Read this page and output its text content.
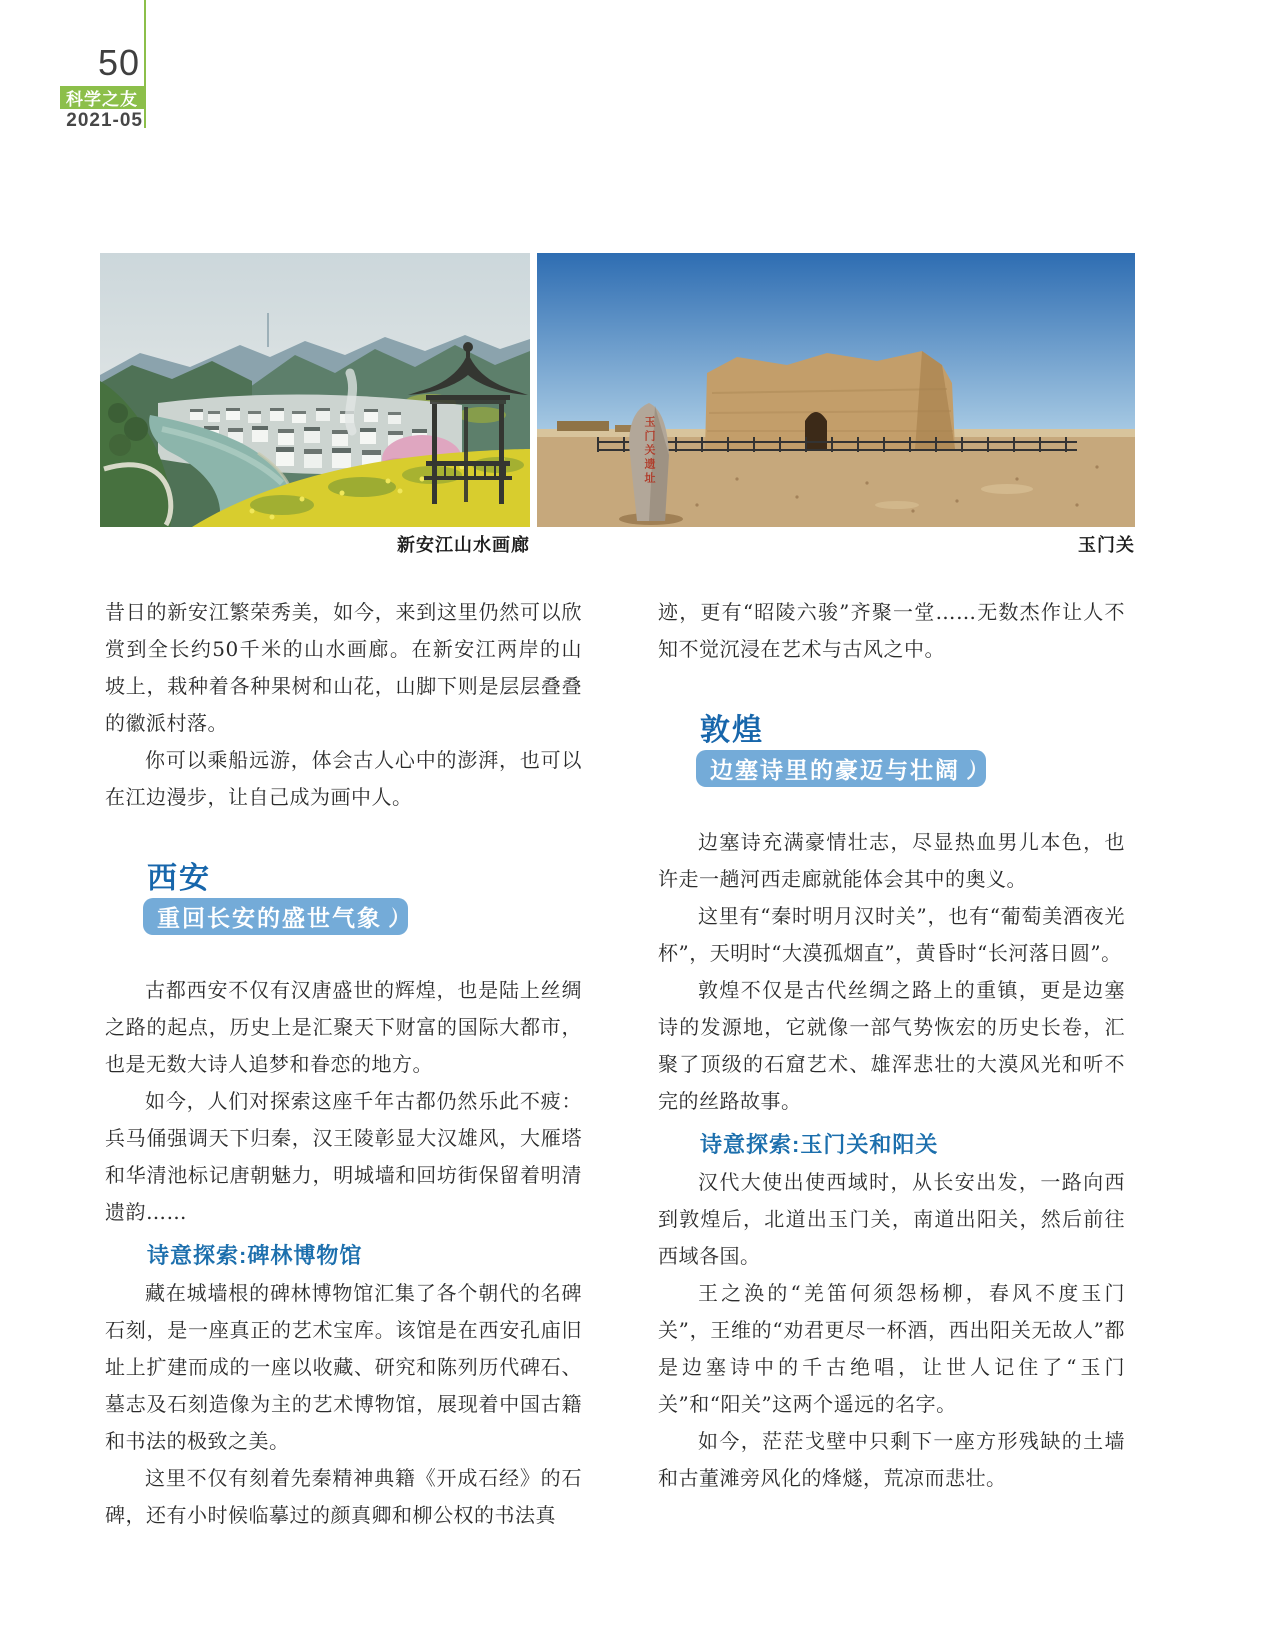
50
科学之友
2021-05
玉门关遗址
新安江山水画廊	玉门关

昔日的新安江繁荣秀美，如今，来到这里仍然可以欣赏到全长约50千米的山水画廊。在新安江两岸的山坡上，栽种着各种果树和山花，山脚下则是层层叠叠的徽派村落。

你可以乘船远游，体会古人心中的澎湃，也可以在江边漫步，让自己成为画中人。

西安
重回长安的盛世气象

古都西安不仅有汉唐盛世的辉煌，也是陆上丝绸之路的起点，历史上是汇聚天下财富的国际大都市，也是无数大诗人追梦和眷恋的地方。

如今，人们对探索这座千年古都仍然乐此不疲：兵马俑强调天下归秦，汉王陵彰显大汉雄风，大雁塔和华清池标记唐朝魅力，明城墙和回坊街保留着明清遗韵……

诗意探索:碑林博物馆

藏在城墙根的碑林博物馆汇集了各个朝代的名碑石刻，是一座真正的艺术宝库。该馆是在西安孔庙旧址上扩建而成的一座以收藏、研究和陈列历代碑石、墓志及石刻造像为主的艺术博物馆，展现着中国古籍和书法的极致之美。

这里不仅有刻着先秦精神典籍《开成石经》的石碑，还有小时候临摹过的颜真卿和柳公权的书法真

迹，更有“昭陵六骏”齐聚一堂……无数杰作让人不知不觉沉浸在艺术与古风之中。

敦煌
边塞诗里的豪迈与壮阔

边塞诗充满豪情壮志，尽显热血男儿本色，也许走一趟河西走廊就能体会其中的奥义。

这里有“秦时明月汉时关”，也有“葡萄美酒夜光杯”，天明时“大漠孤烟直”，黄昏时“长河落日圆”。

敦煌不仅是古代丝绸之路上的重镇，更是边塞诗的发源地，它就像一部气势恢宏的历史长卷，汇聚了顶级的石窟艺术、雄浑悲壮的大漠风光和听不完的丝路故事。

诗意探索:玉门关和阳关

汉代大使出使西域时，从长安出发，一路向西到敦煌后，北道出玉门关，南道出阳关，然后前往西域各国。

王之涣的“羌笛何须怨杨柳，春风不度玉门关”，王维的“劝君更尽一杯酒，西出阳关无故人”都是边塞诗中的千古绝唱，让世人记住了“玉门关”和“阳关”这两个遥远的名字。

如今，茫茫戈壁中只剩下一座方形残缺的土墙和古董滩旁风化的烽燧，荒凉而悲壮。
